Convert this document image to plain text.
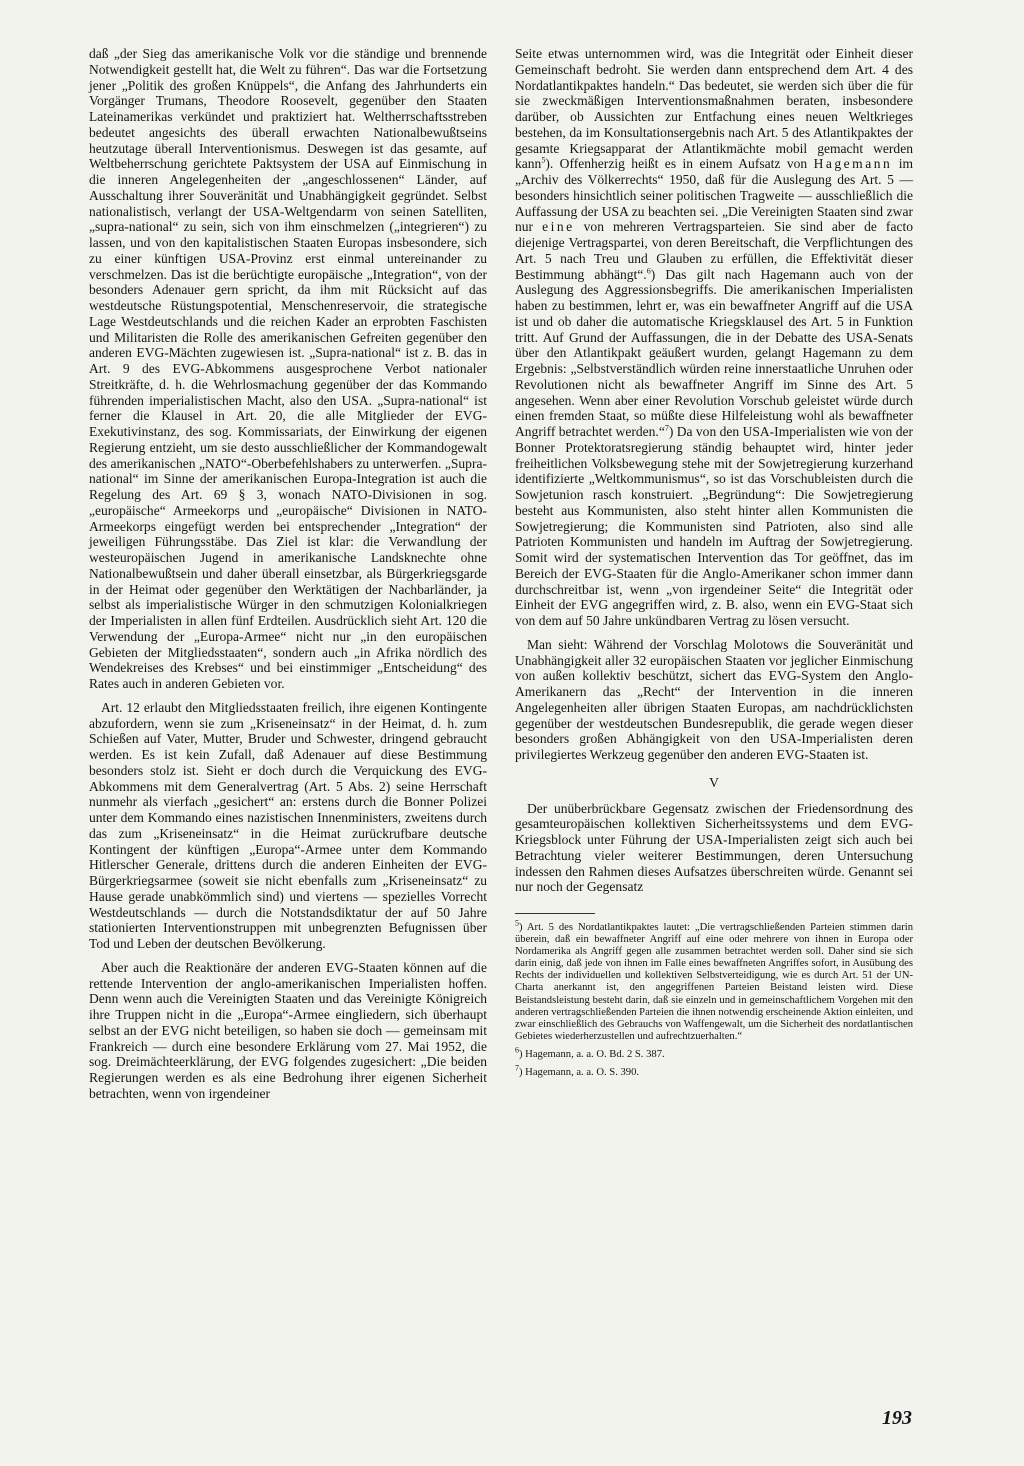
daß „der Sieg das amerikanische Volk vor die ständige und brennende Notwendigkeit gestellt hat, die Welt zu führen“. Das war die Fortsetzung jener „Politik des großen Knüppels“, die Anfang des Jahrhunderts ein Vorgänger Trumans, Theodore Roosevelt, gegenüber den Staaten Lateinamerikas verkündet und praktiziert hat. Weltherrschaftsstreben bedeutet angesichts des überall erwachten Nationalbewußtseins heutzutage überall Interventionismus. Deswegen ist das gesamte, auf Weltbeherrschung gerichtete Paktsystem der USA auf Einmischung in die inneren Angelegenheiten der „angeschlossenen“ Länder, auf Ausschaltung ihrer Souveränität und Unabhängigkeit gegründet. Selbst nationalistisch, verlangt der USA-Weltgendarm von seinen Satelliten, „supra-national“ zu sein, sich von ihm einschmelzen („integrieren“) zu lassen, und von den kapitalistischen Staaten Europas insbesondere, sich zu einer künftigen USA-Provinz erst einmal untereinander zu verschmelzen. Das ist die berüchtigte europäische „Integration“, von der besonders Adenauer gern spricht, da ihm mit Rücksicht auf das westdeutsche Rüstungspotential, Menschenreservoir, die strategische Lage Westdeutschlands und die reichen Kader an erprobten Faschisten und Militaristen die Rolle des amerikanischen Gefreiten gegenüber den anderen EVG-Mächten zugewiesen ist. „Supra-national“ ist z. B. das in Art. 9 des EVG-Abkommens ausgesprochene Verbot nationaler Streitkräfte, d. h. die Wehrlosmachung gegenüber der das Kommando führenden imperialistischen Macht, also den USA. „Supra-national“ ist ferner die Klausel in Art. 20, die alle Mitglieder der EVG-Exekutivinstanz, des sog. Kommissariats, der Einwirkung der eigenen Regierung entzieht, um sie desto ausschließlicher der Kommandogewalt des amerikanischen „NATO“-Oberbefehlshabers zu unterwerfen. „Supra-national“ im Sinne der amerikanischen Europa-Integration ist auch die Regelung des Art. 69 § 3, wonach NATO-Divisionen in sog. „europäische“ Armeekorps und „europäische“ Divisionen in NATO-Armeekorps eingefügt werden bei entsprechender „Integration“ der jeweiligen Führungsstäbe. Das Ziel ist klar: die Verwandlung der westeuropäischen Jugend in amerikanische Landsknechte ohne Nationalbewußtsein und daher überall einsetzbar, als Bürgerkriegsgarde in der Heimat oder gegenüber den Werktätigen der Nachbarländer, ja selbst als imperialistische Würger in den schmutzigen Kolonialkriegen der Imperialisten in allen fünf Erdteilen. Ausdrücklich sieht Art. 120 die Verwendung der „Europa-Armee“ nicht nur „in den europäischen Gebieten der Mitgliedsstaaten“, sondern auch „in Afrika nördlich des Wendekreises des Krebses“ und bei einstimmiger „Entscheidung“ des Rates auch in anderen Gebieten vor.

Art. 12 erlaubt den Mitgliedsstaaten freilich, ihre eigenen Kontingente abzufordern, wenn sie zum „Kriseneinsatz“ in der Heimat, d. h. zum Schießen auf Vater, Mutter, Bruder und Schwester, dringend gebraucht werden. Es ist kein Zufall, daß Adenauer auf diese Bestimmung besonders stolz ist. Sieht er doch durch die Verquickung des EVG-Abkommens mit dem Generalvertrag (Art. 5 Abs. 2) seine Herrschaft nunmehr als vierfach „gesichert“ an: erstens durch die Bonner Polizei unter dem Kommando eines nazistischen Innenministers, zweitens durch das zum „Kriseneinsatz“ in die Heimat zurückrufbare deutsche Kontingent der künftigen „Europa“-Armee unter dem Kommando Hitlerscher Generale, drittens durch die anderen Einheiten der EVG-Bürgerkriegsarmee (soweit sie nicht ebenfalls zum „Kriseneinsatz“ zu Hause gerade unabkömmlich sind) und viertens — spezielles Vorrecht Westdeutschlands — durch die Notstandsdiktatur der auf 50 Jahre stationierten Interventionstruppen mit unbegrenzten Befugnissen über Tod und Leben der deutschen Bevölkerung.

Aber auch die Reaktionäre der anderen EVG-Staaten können auf die rettende Intervention der anglo-amerikanischen Imperialisten hoffen. Denn wenn auch die Vereinigten Staaten und das Vereinigte Königreich ihre Truppen nicht in die „Europa“-Armee eingliedern, sich überhaupt selbst an der EVG nicht beteiligen, so haben sie doch — gemeinsam mit Frankreich — durch eine besondere Erklärung vom 27. Mai 1952, die sog. Dreimächteerklärung, der EVG folgendes zugesichert: „Die beiden Regierungen werden es als eine Bedrohung ihrer eigenen Sicherheit betrachten, wenn von irgendeiner

Seite etwas unternommen wird, was die Integrität oder Einheit dieser Gemeinschaft bedroht. Sie werden dann entsprechend dem Art. 4 des Nordatlantikpaktes handeln.“ Das bedeutet, sie werden sich über die für sie zweckmäßigen Interventionsmaßnahmen beraten, insbesondere darüber, ob Aussichten zur Entfachung eines neuen Weltkrieges bestehen, da im Konsultationsergebnis nach Art. 5 des Atlantikpaktes der gesamte Kriegsapparat der Atlantikmächte mobil gemacht werden kann$^5$). Offenherzig heißt es in einem Aufsatz von Hagemann im „Archiv des Völkerrechts“ 1950, daß für die Auslegung des Art. 5 — besonders hinsichtlich seiner politischen Tragweite — ausschließlich die Auffassung der USA zu beachten sei. „Die Vereinigten Staaten sind zwar nur eine von mehreren Vertragsparteien. Sie sind aber de facto diejenige Vertragspartei, von deren Bereitschaft, die Verpflichtungen des Art. 5 nach Treu und Glauben zu erfüllen, die Effektivität dieser Bestimmung abhängt“.$^6$) Das gilt nach Hagemann auch von der Auslegung des Aggressionsbegriffs. Die amerikanischen Imperialisten haben zu bestimmen, lehrt er, was ein bewaffneter Angriff auf die USA ist und ob daher die automatische Kriegsklausel des Art. 5 in Funktion tritt. Auf Grund der Auffassungen, die in der Debatte des USA-Senats über den Atlantikpakt geäußert wurden, gelangt Hagemann zu dem Ergebnis: „Selbstverständlich würden reine innerstaatliche Unruhen oder Revolutionen nicht als bewaffneter Angriff im Sinne des Art. 5 angesehen. Wenn aber einer Revolution Vorschub geleistet würde durch einen fremden Staat, so müßte diese Hilfeleistung wohl als bewaffneter Angriff betrachtet werden.“$^7$) Da von den USA-Imperialisten wie von der Bonner Protektoratsregierung ständig behauptet wird, hinter jeder freiheitlichen Volksbewegung stehe mit der Sowjetregierung kurzerhand identifizierte „Weltkommunismus“, so ist das Vorschubleisten durch die Sowjetunion rasch konstruiert. „Begründung“: Die Sowjetregierung besteht aus Kommunisten, also steht hinter allen Kommunisten die Sowjetregierung; die Kommunisten sind Patrioten, also sind alle Patrioten Kommunisten und handeln im Auftrag der Sowjetregierung. Somit wird der systematischen Intervention das Tor geöffnet, das im Bereich der EVG-Staaten für die Anglo-Amerikaner schon immer dann durchschreitbar ist, wenn „von irgendeiner Seite“ die Integrität oder Einheit der EVG angegriffen wird, z. B. also, wenn ein EVG-Staat sich von dem auf 50 Jahre unkündbaren Vertrag zu lösen versucht.

Man sieht: Während der Vorschlag Molotows die Souveränität und Unabhängigkeit aller 32 europäischen Staaten vor jeglicher Einmischung von außen kollektiv beschützt, sichert das EVG-System den Anglo-Amerikanern das „Recht“ der Intervention in die inneren Angelegenheiten aller übrigen Staaten Europas, am nachdrücklichsten gegenüber der westdeutschen Bundesrepublik, die gerade wegen dieser besonders großen Abhängigkeit von den USA-Imperialisten deren privilegiertes Werkzeug gegenüber den anderen EVG-Staaten ist.

V

Der unüberbrückbare Gegensatz zwischen der Friedensordnung des gesamteuropäischen kollektiven Sicherheitssystems und dem EVG-Kriegsblock unter Führung der USA-Imperialisten zeigt sich auch bei Betrachtung vieler weiterer Bestimmungen, deren Untersuchung indessen den Rahmen dieses Aufsatzes überschreiten würde. Genannt sei nur noch der Gegensatz

$^5$) Art. 5 des Nordatlantikpaktes lautet: „Die vertragschließenden Parteien stimmen darin überein, daß ein bewaffneter Angriff auf eine oder mehrere von ihnen in Europa oder Nordamerika als Angriff gegen alle zusammen betrachtet werden soll. Daher sind sie sich darin einig, daß jede von ihnen im Falle eines bewaffneten Angriffes sofort, in Ausübung des Rechts der individuellen und kollektiven Selbstverteidigung, wie es durch Art. 51 der UN-Charta anerkannt ist, den angegriffenen Parteien Beistand leisten wird. Diese Beistandsleistung besteht darin, daß sie einzeln und in gemeinschaftlichem Vorgehen mit den anderen vertragschließenden Parteien die ihnen notwendig erscheinende Aktion einleiten, und zwar einschließlich des Gebrauchs von Waffengewalt, um die Sicherheit des nordatlantischen Gebietes wiederherzustellen und aufrechtzuerhalten.“
$^6$) Hagemann, a. a. O. Bd. 2 S. 387.
$^7$) Hagemann, a. a. O. S. 390.
193
